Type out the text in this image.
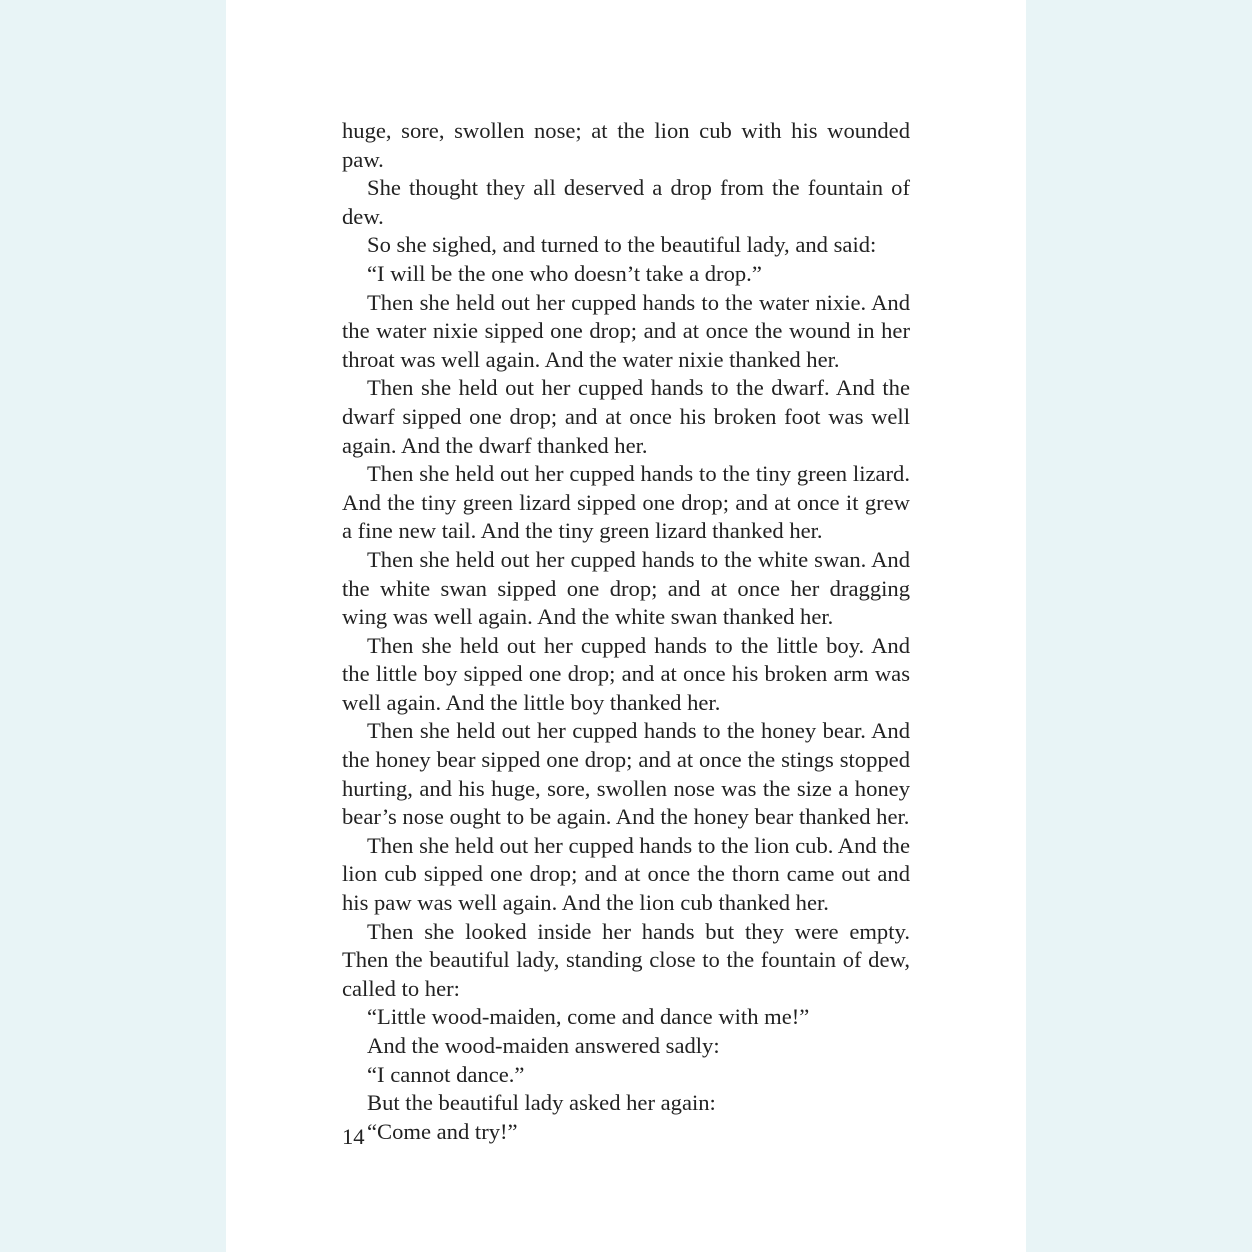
huge, sore, swollen nose; at the lion cub with his wounded paw.

She thought they all deserved a drop from the fountain of dew.

So she sighed, and turned to the beautiful lady, and said:

“I will be the one who doesn’t take a drop.”

Then she held out her cupped hands to the water nixie. And the water nixie sipped one drop; and at once the wound in her throat was well again. And the water nixie thanked her.

Then she held out her cupped hands to the dwarf. And the dwarf sipped one drop; and at once his broken foot was well again. And the dwarf thanked her.

Then she held out her cupped hands to the tiny green lizard. And the tiny green lizard sipped one drop; and at once it grew a fine new tail. And the tiny green lizard thanked her.

Then she held out her cupped hands to the white swan. And the white swan sipped one drop; and at once her dragging wing was well again. And the white swan thanked her.

Then she held out her cupped hands to the little boy. And the little boy sipped one drop; and at once his broken arm was well again. And the little boy thanked her.

Then she held out her cupped hands to the honey bear. And the honey bear sipped one drop; and at once the stings stopped hurting, and his huge, sore, swollen nose was the size a honey bear’s nose ought to be again. And the honey bear thanked her.

Then she held out her cupped hands to the lion cub. And the lion cub sipped one drop; and at once the thorn came out and his paw was well again. And the lion cub thanked her.

Then she looked inside her hands but they were empty. Then the beautiful lady, standing close to the fountain of dew, called to her:

“Little wood-maiden, come and dance with me!”

And the wood-maiden answered sadly:

“I cannot dance.”

But the beautiful lady asked her again:

“Come and try!”

14
